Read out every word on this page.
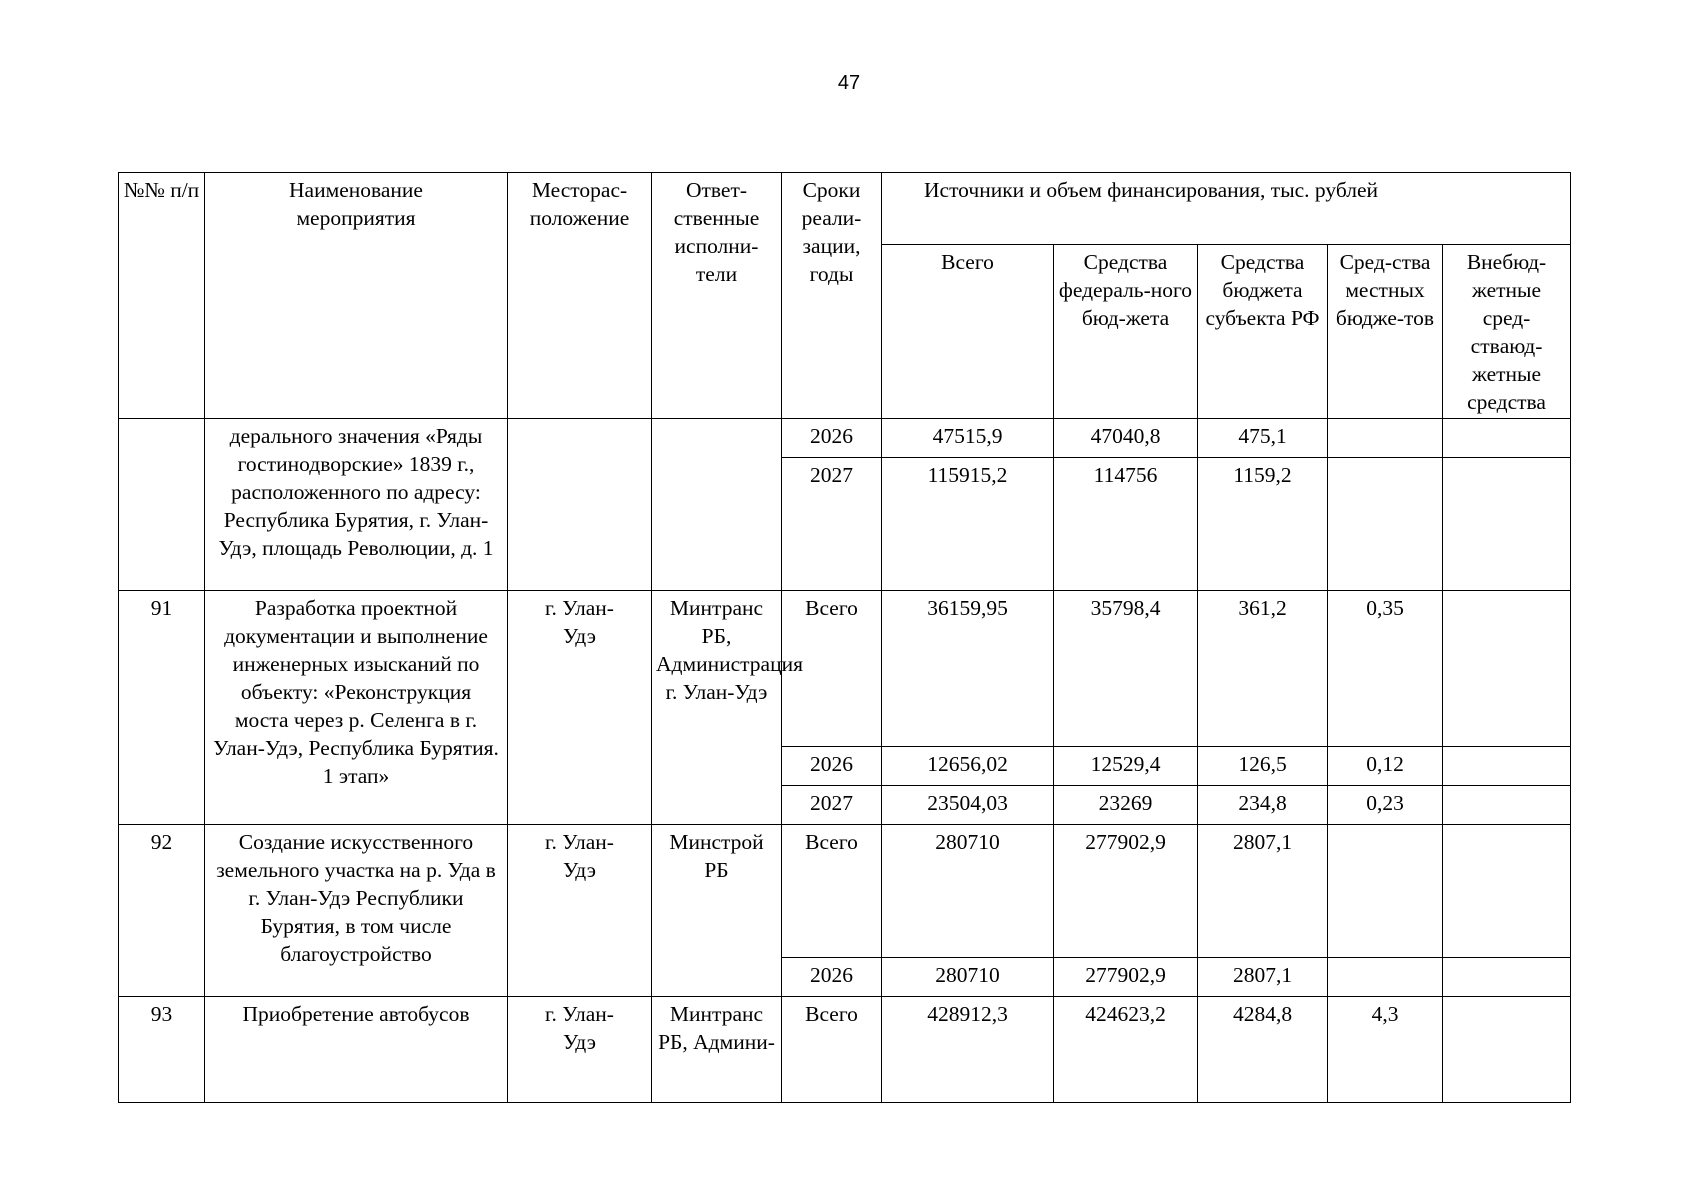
47
№№ п/п	Наименование мероприятия	Месторас-положение	Ответ-ственные исполни-тели	Сроки реали-зации, годы	Источники и объем финансирования, тыс. рублей				
					Всего	Средства федераль-ного бюд-жета	Средства бюджета субъекта РФ	Сред-ства местных бюдже-тов	Внебюд-жетные сред-ствaюд-жетные средства
	дерального значения «Ряды гостинодворские» 1839 г., расположенного по адресу: Республика Бурятия, г. Улан-Удэ, площадь Революции, д. 1			2026	47515,9	47040,8	475,1		
				2027	115915,2	114756	1159,2		
91	Разработка проектной документации и выполнение инженерных изысканий по объекту: «Реконструкция моста через р. Селенга в г. Улан-Удэ, Республика Бурятия. 1 этап»	г. Улан-Удэ	Минтранс РБ, Администрация г. Улан-Удэ	Всего	36159,95	35798,4	361,2	0,35	
				2026	12656,02	12529,4	126,5	0,12	
				2027	23504,03	23269	234,8	0,23	
92	Создание искусственного земельного участка на р. Уда в г. Улан-Удэ Республики Бурятия, в том числе благоустройство	г. Улан-Удэ	Минстрой РБ	Всего	280710	277902,9	2807,1		
				2026	280710	277902,9	2807,1		
93	Приобретение автобусов	г. Улан-Удэ	Минтранс РБ, Админи-	Всего	428912,3	424623,2	4284,8	4,3	
